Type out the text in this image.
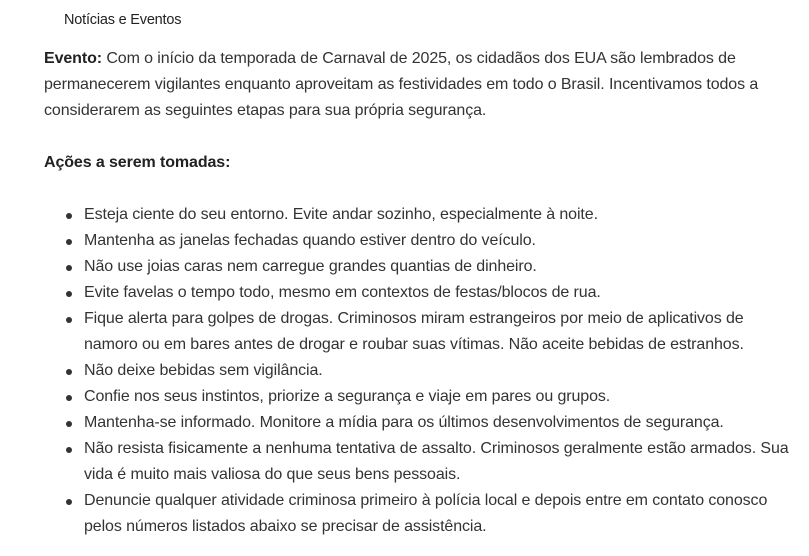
Notícias e Eventos

Evento: Com o início da temporada de Carnaval de 2025, os cidadãos dos EUA são lembrados de permanecerem vigilantes enquanto aproveitam as festividades em todo o Brasil. Incentivamos todos a considerarem as seguintes etapas para sua própria segurança.

Ações a serem tomadas:

Esteja ciente do seu entorno. Evite andar sozinho, especialmente à noite.
Mantenha as janelas fechadas quando estiver dentro do veículo.
Não use joias caras nem carregue grandes quantias de dinheiro.
Evite favelas o tempo todo, mesmo em contextos de festas/blocos de rua.
Fique alerta para golpes de drogas. Criminosos miram estrangeiros por meio de aplicativos de namoro ou em bares antes de drogar e roubar suas vítimas. Não aceite bebidas de estranhos.
Não deixe bebidas sem vigilância.
Confie nos seus instintos, priorize a segurança e viaje em pares ou grupos.
Mantenha-se informado. Monitore a mídia para os últimos desenvolvimentos de segurança.
Não resista fisicamente a nenhuma tentativa de assalto. Criminosos geralmente estão armados. Sua vida é muito mais valiosa do que seus bens pessoais.
Denuncie qualquer atividade criminosa primeiro à polícia local e depois entre em contato conosco pelos números listados abaixo se precisar de assistência.
